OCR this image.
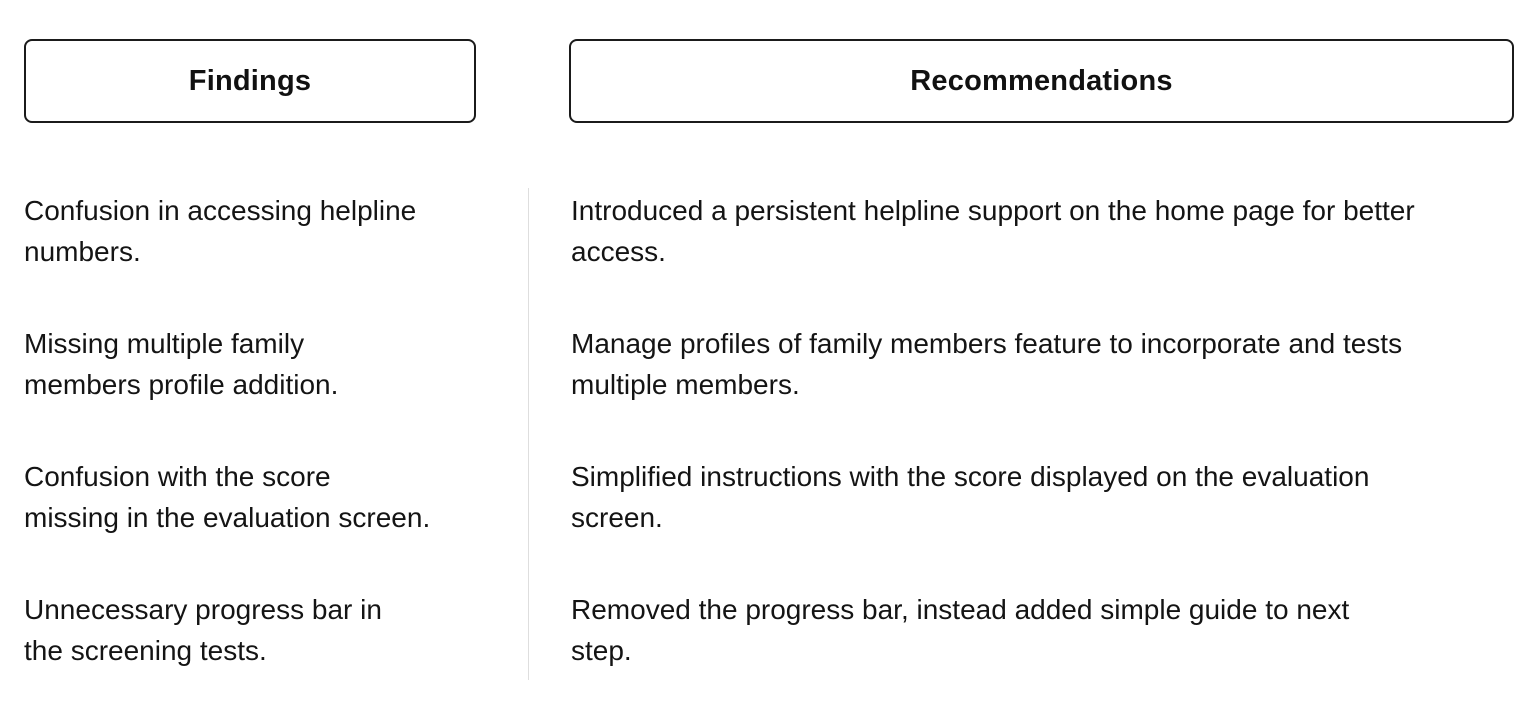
Findings	Recommendations
Confusion in accessing helpline
numbers.
Missing multiple family
members profile addition.
Confusion with the score
missing in the evaluation screen.
Unnecessary progress bar in
the screening tests.
Introduced a persistent helpline support on the home page for better
access.
Manage profiles of family members feature to incorporate and tests
multiple members.
Simplified instructions with the score displayed on the evaluation
screen.
Removed the progress bar, instead added simple guide to next
step.
